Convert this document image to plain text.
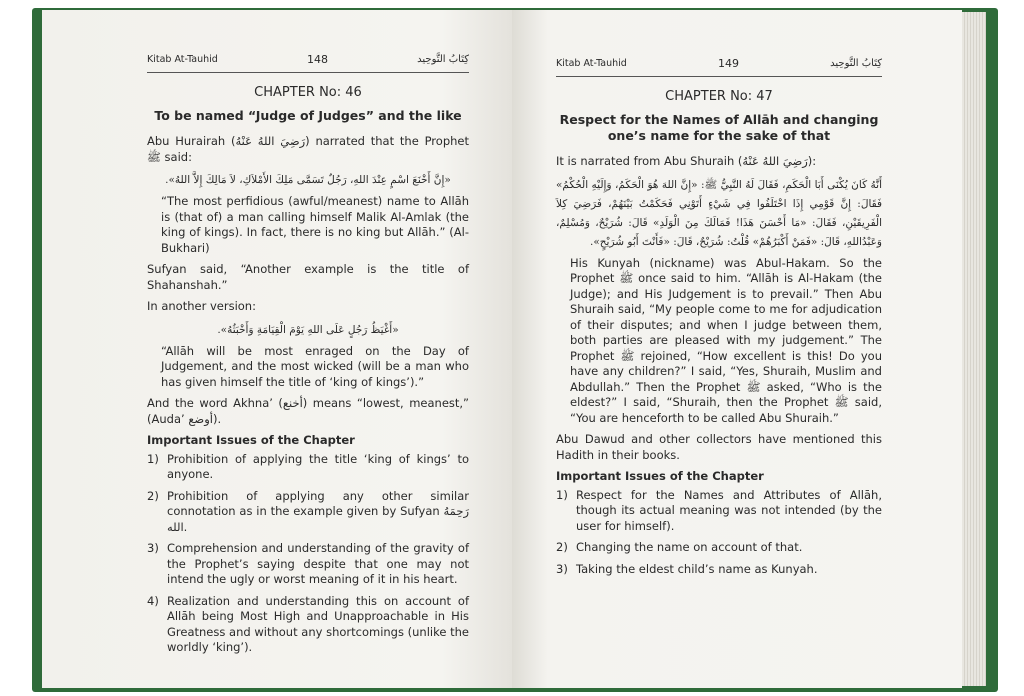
Kitab At-Tauhid	148	كِتَابُ التَّوحِيد
CHAPTER No: 46
To be named “Judge of Judges” and the like

Abu Hurairah (رَضِيَ اللهُ عَنْهُ) narrated that the Prophet ﷺ said:

«إِنَّ أَخْنَعَ اسْمٍ عِنْدَ اللهِ، رَجُلٌ تَسَمَّى مَلِكَ الأَمْلاَكِ، لاَ مَالِكَ إِلاَّ اللهُ».

“The most perfidious (awful/meanest) name to Allāh is (that of) a man calling himself Malik Al-Amlak (the king of kings). In fact, there is no king but Allāh.” (Al-Bukhari)

Sufyan said, “Another example is the title of Shahanshah.”

In another version:

«أَغْيَظُ رَجُلٍ عَلَى اللهِ يَوْمَ الْقِيَامَةِ وَأَخْبَثُهُ».

“Allāh will be most enraged on the Day of Judgement, and the most wicked (will be a man who has given himself the title of ‘king of kings’).”

And the word Akhna’ (أخنع) means “lowest, meanest,” (Auda’ أوضع).

Important Issues of the Chapter
1) Prohibition of applying the title ‘king of kings’ to anyone.
2) Prohibition of applying any other similar connotation as in the example given by Sufyan رَحِمَهُ الله.
3) Comprehension and understanding of the gravity of the Prophet’s saying despite that one may not intend the ugly or worst meaning of it in his heart.
4) Realization and understanding this on account of Allāh being Most High and Unapproachable in His Greatness and without any shortcomings (unlike the worldly ‘king’).
Kitab At-Tauhid	149	كِتَابُ التَّوحِيد
CHAPTER No: 47
Respect for the Names of Allāh and changing one’s name for the sake of that

It is narrated from Abu Shuraih (رَضِيَ اللهُ عَنْهُ):

أَنَّهُ كَانَ يُكْنَى أَبَا الْحَكَمِ، فَقَالَ لَهُ النَّبِيُّ ﷺ: «إِنَّ اللهَ هُوَ الْحَكَمُ، وَإِلَيْهِ الْحُكْمُ» فَقَالَ: إِنَّ قَوْمِي إِذَا اخْتَلَفُوا فِي شَيْءٍ أَتَوْنِي فَحَكَمْتُ بَيْنَهُمْ، فَرَضِيَ كِلاَ الْفَرِيقَيْنِ، فَقَالَ: «مَا أَحْسَنَ هَذَا! فَمَالَكَ مِنَ الْوَلَدِ» قَالَ: شُرَيْحٌ، وَمُسْلِمٌ، وَعَبْدُاللهِ، قَالَ: «فَمَنْ أَكْبَرُهُمْ» قُلْتُ: شُرَيْحٌ، قَالَ: «فَأَنْتَ أَبُو شُرَيْحٍ».

His Kunyah (nickname) was Abul-Hakam. So the Prophet ﷺ once said to him. “Allāh is Al-Hakam (the Judge); and His Judgement is to prevail.” Then Abu Shuraih said, “My people come to me for adjudication of their disputes; and when I judge between them, both parties are pleased with my judgement.” The Prophet ﷺ rejoined, “How excellent is this! Do you have any children?” I said, “Yes, Shuraih, Muslim and Abdullah.” Then the Prophet ﷺ asked, “Who is the eldest?” I said, “Shuraih, then the Prophet ﷺ said, “You are henceforth to be called Abu Shuraih.”

Abu Dawud and other collectors have mentioned this Hadith in their books.

Important Issues of the Chapter
1) Respect for the Names and Attributes of Allāh, though its actual meaning was not intended (by the user for himself).
2) Changing the name on account of that.
3) Taking the eldest child’s name as Kunyah.
